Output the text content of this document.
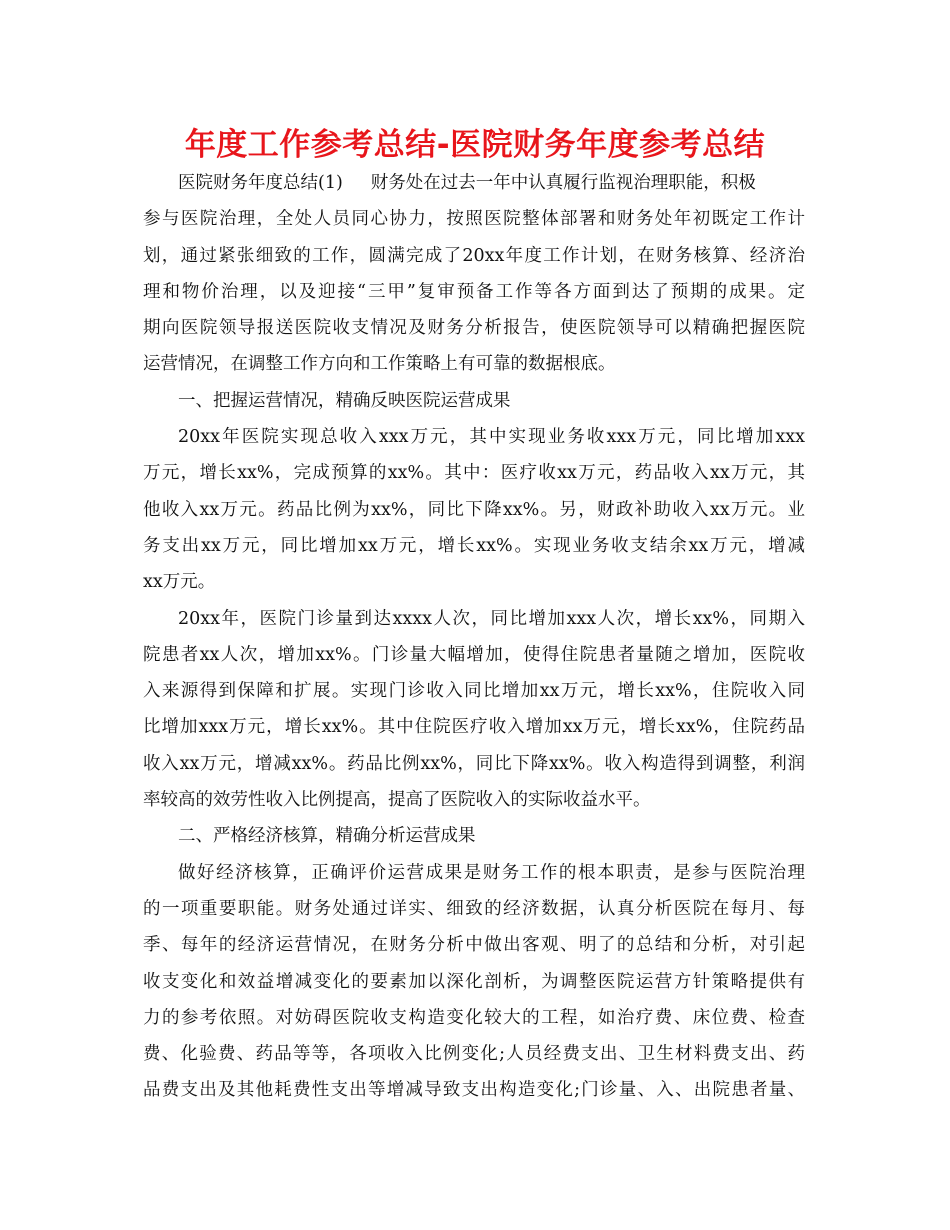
年度工作参考总结-医院财务年度参考总结
医院财务年度总结(1) 财务处在过去一年中认真履行监视治理职能，积极
参与医院治理，全处人员同心协力，按照医院整体部署和财务处年初既定工作计
划，通过紧张细致的工作，圆满完成了20xx年度工作计划，在财务核算、经济治
理和物价治理，以及迎接“三甲”复审预备工作等各方面到达了预期的成果。定
期向医院领导报送医院收支情况及财务分析报告，使医院领导可以精确把握医院
运营情况，在调整工作方向和工作策略上有可靠的数据根底。
一、把握运营情况，精确反映医院运营成果
20xx年医院实现总收入xxx万元，其中实现业务收xxx万元，同比增加xxx
万元，增长xx%，完成预算的xx%。其中：医疗收xx万元，药品收入xx万元，其
他收入xx万元。药品比例为xx%，同比下降xx%。另，财政补助收入xx万元。业
务支出xx万元，同比增加xx万元，增长xx%。实现业务收支结余xx万元，增减
xx万元。
20xx年，医院门诊量到达xxxx人次，同比增加xxx人次，增长xx%，同期入
院患者xx人次，增加xx%。门诊量大幅增加，使得住院患者量随之增加，医院收
入来源得到保障和扩展。实现门诊收入同比增加xx万元，增长xx%，住院收入同
比增加xxx万元，增长xx%。其中住院医疗收入增加xx万元，增长xx%，住院药品
收入xx万元，增减xx%。药品比例xx%，同比下降xx%。收入构造得到调整，利润
率较高的效劳性收入比例提高，提高了医院收入的实际收益水平。
二、严格经济核算，精确分析运营成果
做好经济核算，正确评价运营成果是财务工作的根本职责，是参与医院治理
的一项重要职能。财务处通过详实、细致的经济数据，认真分析医院在每月、每
季、每年的经济运营情况，在财务分析中做出客观、明了的总结和分析，对引起
收支变化和效益增减变化的要素加以深化剖析，为调整医院运营方针策略提供有
力的参考依照。对妨碍医院收支构造变化较大的工程，如治疗费、床位费、检查
费、化验费、药品等等，各项收入比例变化;人员经费支出、卫生材料费支出、药
品费支出及其他耗费性支出等增减导致支出构造变化;门诊量、入、出院患者量、
